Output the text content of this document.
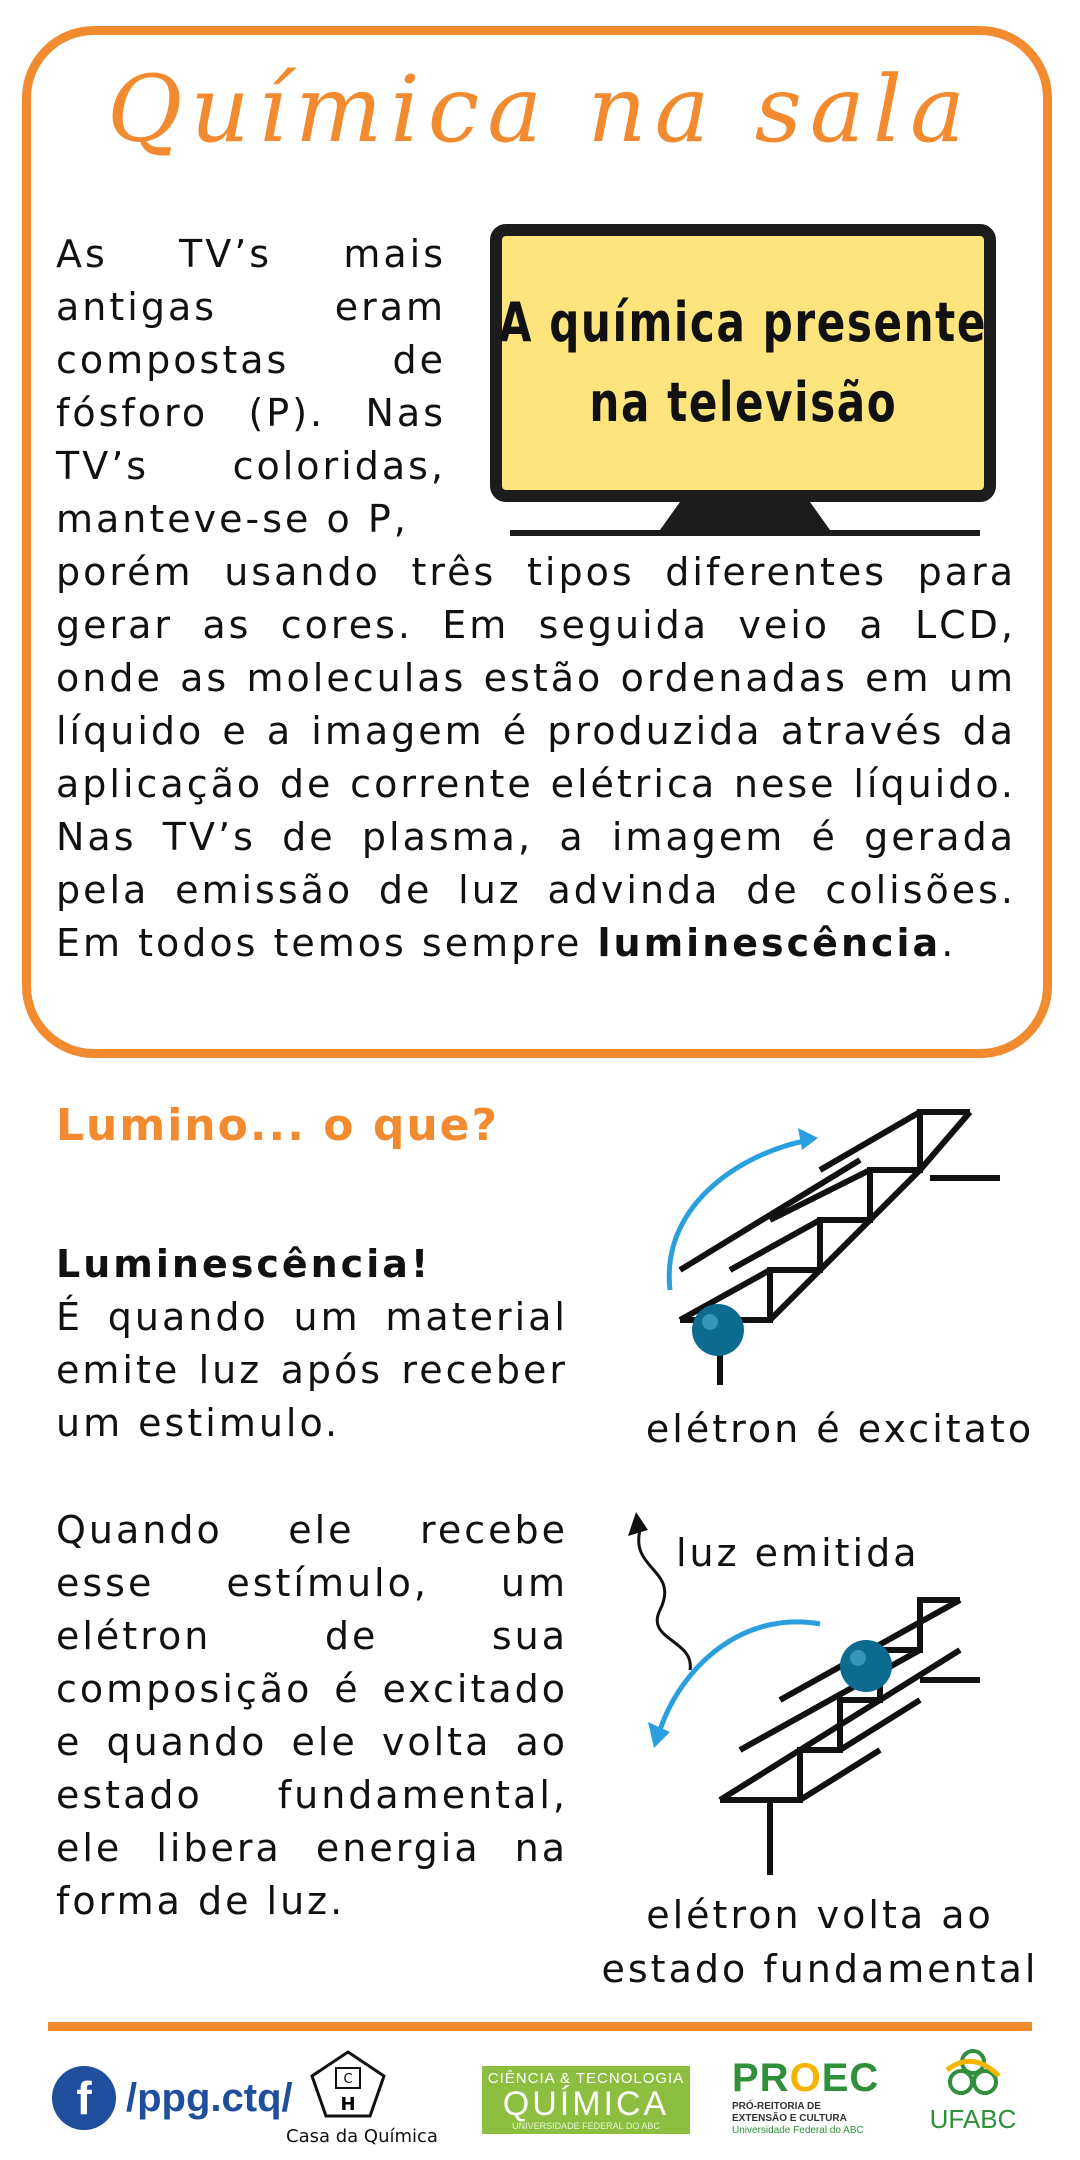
Química na sala
As TV’s mais antigas eram compostas de fósforo (P). Nas TV’s coloridas, manteve-se o P,
A química presente
na televisão
porém usando três tipos diferentes para gerar as cores. Em seguida veio a LCD, onde as moleculas estão ordenadas em um líquido e a imagem é produzida através da aplicação de corrente elétrica nese líquido. Nas TV’s de plasma, a imagem é gerada pela emissão de luz advinda de colisões. Em todos temos sempre luminescência.
Lumino... o que?
Luminescência!
É quando um material emite luz após receber um estimulo.
Quando ele recebe esse estímulo, um elétron de sua composição é excitado e quando ele volta ao estado fundamental, ele libera energia na forma de luz.
elétron é excitato
luz emitida
elétron volta ao
estado fundamental
f /ppg.ctq/	C
H
Casa da Química
CIÊNCIA & TECNOLOGIA
QUÍMICA
UNIVERSIDADE FEDERAL DO ABC
PROEC
PRÓ-REITORIA DE
EXTENSÃO E CULTURA
Universidade Federal do ABC	UFABC
